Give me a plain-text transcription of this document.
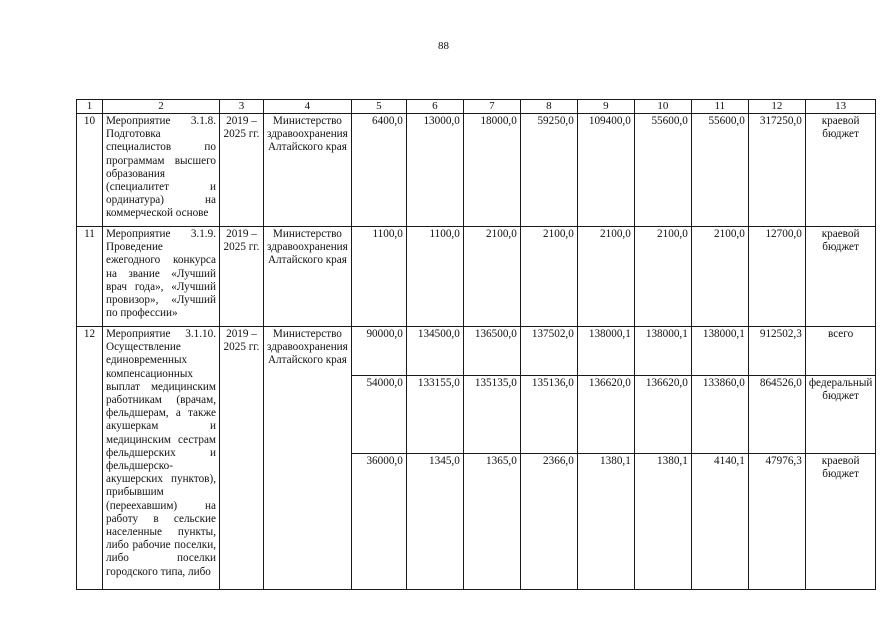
88
1	2	3	4	5	6	7	8	9	10	11	12	13
10	Мероприятие 3.1.8. Подготовка специалистов по программам высшего образования (специалитет и ординатура) на коммерческой основе	2019 – 2025 гг.	Министерство здравоохранения Алтайского края	6400,0	13000,0	18000,0	59250,0	109400,0	55600,0	55600,0	317250,0	краевой бюджет
11	Мероприятие 3.1.9. Проведение ежегодного конкурса на звание «Лучший врач года», «Лучший провизор», «Лучший по профессии»	2019 – 2025 гг.	Министерство здравоохранения Алтайского края	1100,0	1100,0	2100,0	2100,0	2100,0	2100,0	2100,0	12700,0	краевой бюджет
12	Мероприятие 3.1.10. Осуществление единовременных компенсационных выплат медицинским работникам (врачам, фельдшерам, а также акушеркам и медицинским сестрам фельдшерских и фельдшерско-акушерских пунктов), прибывшим (переехавшим) на работу в сельские населенные пункты, либо рабочие поселки, либо поселки городского типа, либо	2019 – 2025 гг.	Министерство здравоохранения Алтайского края	90000,0	134500,0	136500,0	137502,0	138000,1	138000,1	138000,1	912502,3	всего
				54000,0	133155,0	135135,0	135136,0	136620,0	136620,0	133860,0	864526,0	федеральный бюджет
				36000,0	1345,0	1365,0	2366,0	1380,1	1380,1	4140,1	47976,3	краевой бюджет
